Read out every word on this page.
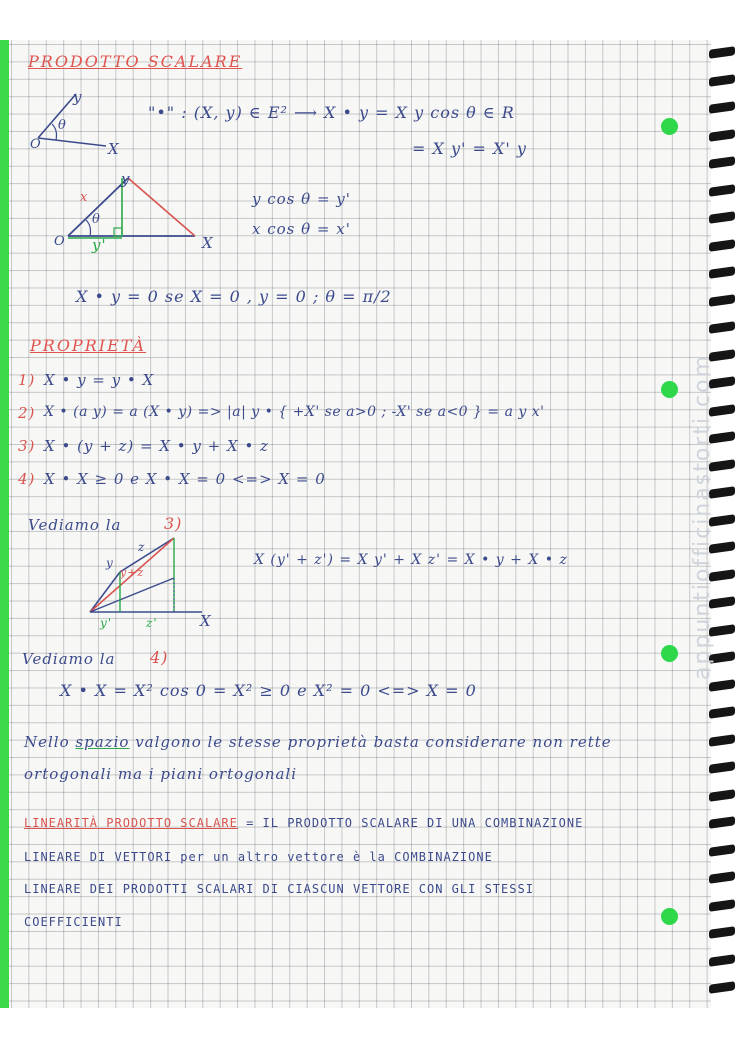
appuntiofficinastorti.com
PRODOTTO SCALARE
y
θ
O	X
"•" : (X, y) ∈ E² ⟶ X • y = X y cos θ ∈ R
= X y' = X' y
x
y
θ
O y'	X
y cos θ = y'
x cos θ = x'
X • y = 0 se X = 0 , y = 0 ; θ = π/2
PROPRIETÀ
1) X • y = y • X
2) X • (a y) = a (X • y) => |a| y • { +X' se a>0 ; -X' se a<0 } = a y x'
3) X • (y + z) = X • y + X • z
4) X • X ≥ 0 e X • X = 0 <=> X = 0
Vediamo la	3)
y
z
y+z
y'	z'	X
X (y' + z') = X y' + X z' = X • y + X • z
Vediamo la 4)
X • X = X² cos 0 = X² ≥ 0 e X² = 0 <=> X = 0
Nello spazio valgono le stesse proprietà basta considerare non rette
ortogonali ma i piani ortogonali
LINEARITÀ PRODOTTO SCALARE = IL PRODOTTO SCALARE DI UNA COMBINAZIONE
LINEARE DI VETTORI per un altro vettore è la COMBINAZIONE
LINEARE DEI PRODOTTI SCALARI DI CIASCUN VETTORE CON GLI STESSI
COEFFICIENTI
